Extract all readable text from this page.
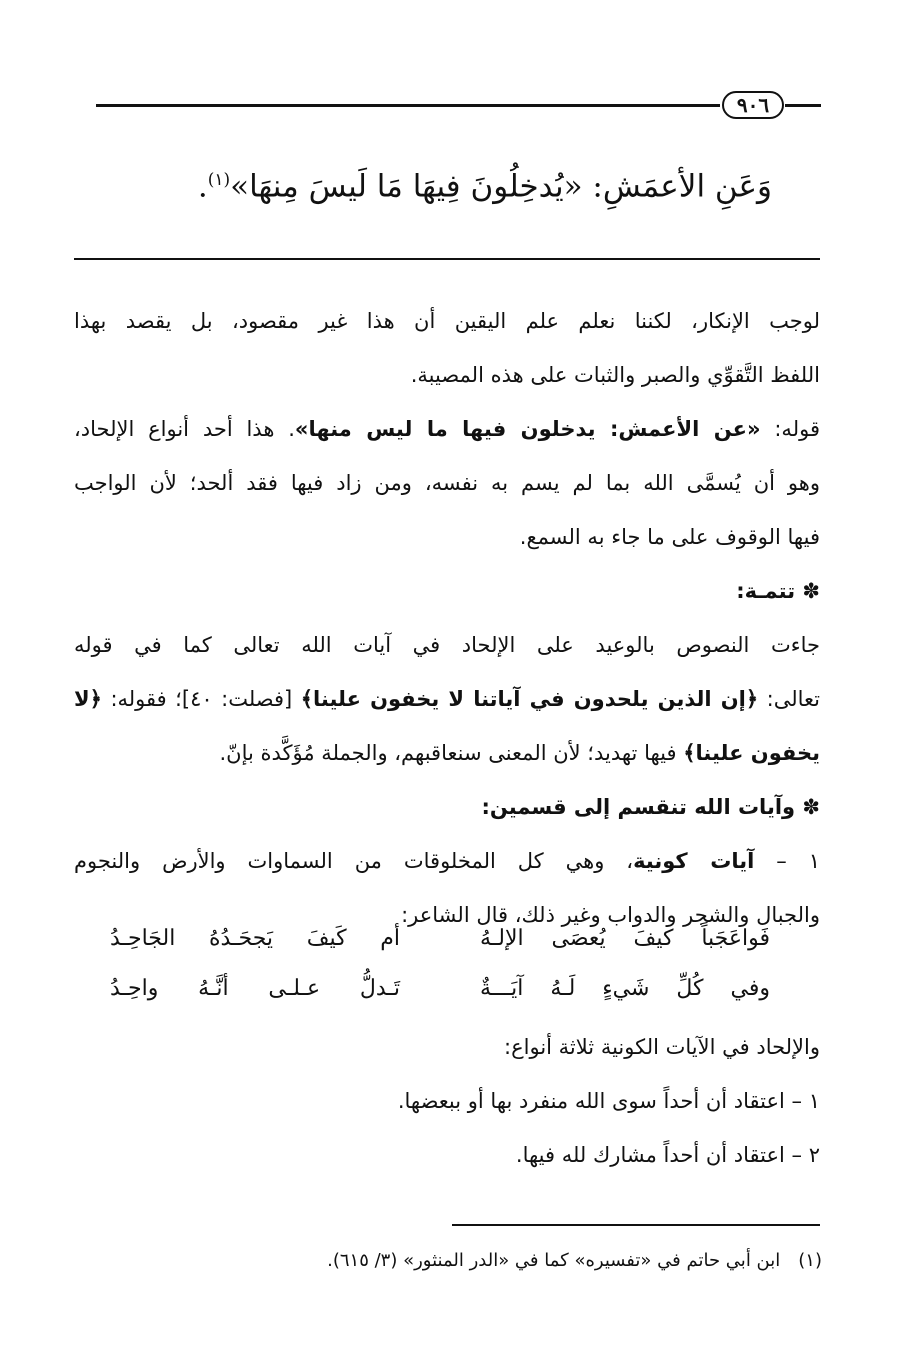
٩٠٦
وَعَنِ الأعمَشِ: «يُدخِلُونَ فِيهَا مَا لَيسَ مِنهَا»$^{(١)}$.
لوجب الإنكار، لكننا نعلم علم اليقين أن هذا غير مقصود، بل يقصد بهذا
اللفظ التَّقوِّي والصبر والثبات على هذه المصيبة.
قوله: «عن الأعمش: يدخلون فيها ما ليس منها». هذا أحد أنواع الإلحاد،
وهو أن يُسمَّى الله بما لم يسم به نفسه، ومن زاد فيها فقد ألحد؛ لأن الواجب
فيها الوقوف على ما جاء به السمع.
✽ تتمـة:
جاءت النصوص بالوعيد على الإلحاد في آيات الله تعالى كما في قوله
تعالى: ﴿إن الذين يلحدون في آياتنا لا يخفون علينا﴾ [فصلت: ٤٠]؛ فقوله: ﴿لا
يخفون علينا﴾ فيها تهديد؛ لأن المعنى سنعاقبهم، والجملة مُؤَكَّدة بإنّ.
✽ وآيات الله تنقسم إلى قسمين:
١ – آيات كونية، وهي كل المخلوقات من السماوات والأرض والنجوم
والجبال والشجر والدواب وغير ذلك، قال الشاعر:
فَواعَجَباً كيفَ يُعصَى الإلـهُ
أم كَيفَ يَجحَـدُهُ الجَاحِـدُ
وفي كُلِّ شَيءٍ لَـهُ آيَـــةٌ
تَـدلُّ عـلـى أنَّـهُ واحِـدُ
والإلحاد في الآيات الكونية ثلاثة أنواع:
١ – اعتقاد أن أحداً سوى الله منفرد بها أو ببعضها.
٢ – اعتقاد أن أحداً مشارك لله فيها.
(١)ابن أبي حاتم في «تفسيره» كما في «الدر المنثور» (٣/ ٦١٥).
